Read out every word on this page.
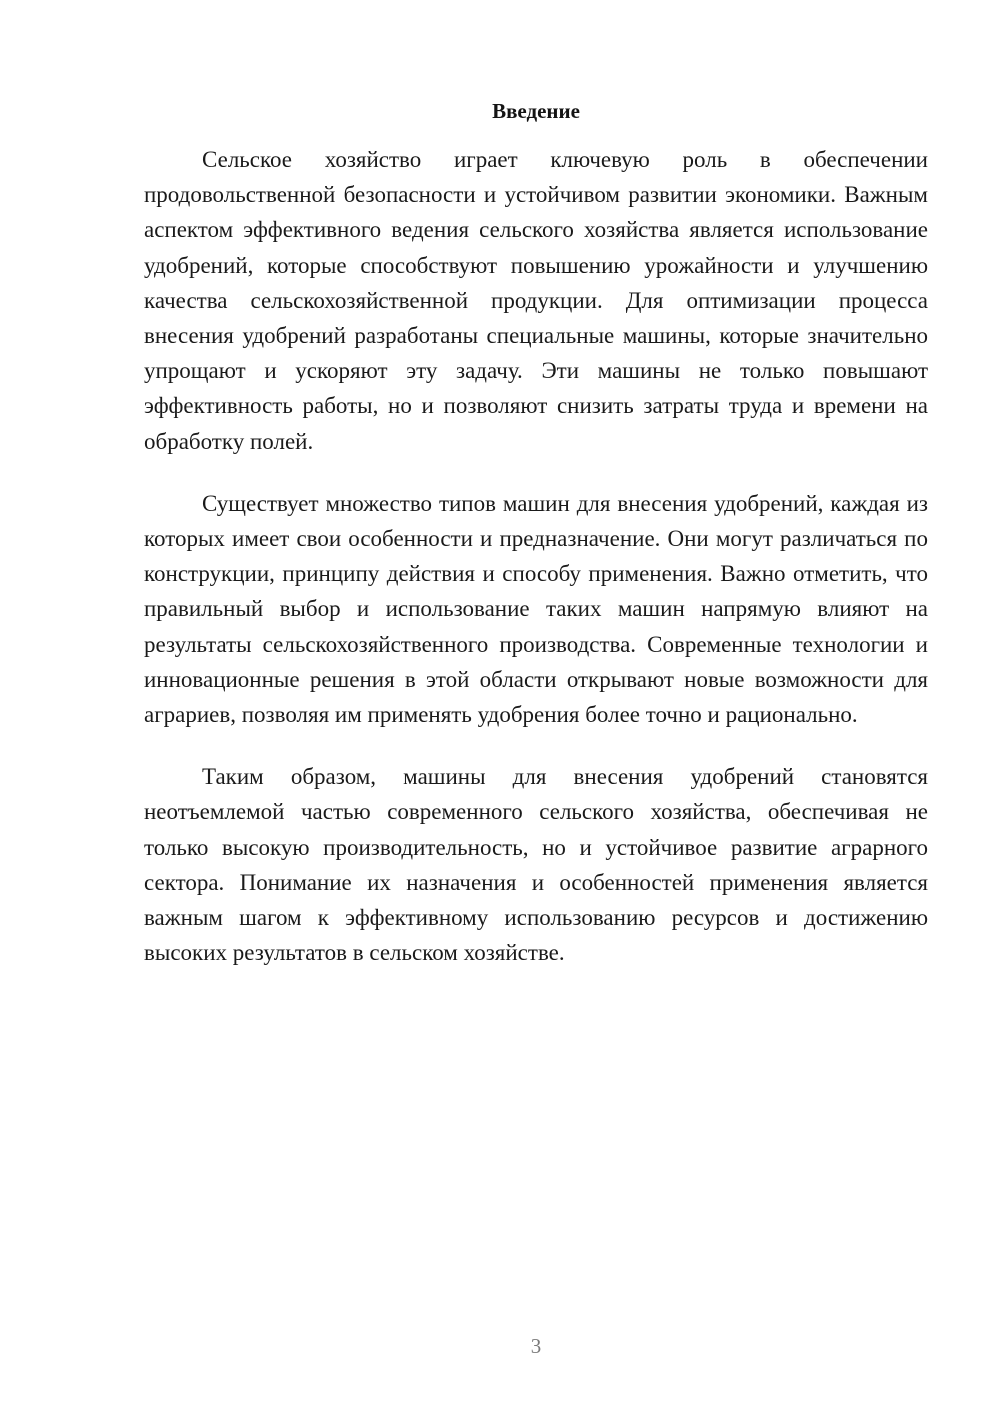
Введение

Сельское хозяйство играет ключевую роль в обеспечении продовольственной безопасности и устойчивом развитии экономики. Важным аспектом эффективного ведения сельского хозяйства является использование удобрений, которые способствуют повышению урожайности и улучшению качества сельскохозяйственной продукции. Для оптимизации процесса внесения удобрений разработаны специальные машины, которые значительно упрощают и ускоряют эту задачу. Эти машины не только повышают эффективность работы, но и позволяют снизить затраты труда и времени на обработку полей.

Существует множество типов машин для внесения удобрений, каждая из которых имеет свои особенности и предназначение. Они могут различаться по конструкции, принципу действия и способу применения. Важно отметить, что правильный выбор и использование таких машин напрямую влияют на результаты сельскохозяйственного производства. Современные технологии и инновационные решения в этой области открывают новые возможности для аграриев, позволяя им применять удобрения более точно и рационально.

Таким образом, машины для внесения удобрений становятся неотъемлемой частью современного сельского хозяйства, обеспечивая не только высокую производительность, но и устойчивое развитие аграрного сектора. Понимание их назначения и особенностей применения является важным шагом к эффективному использованию ресурсов и достижению высоких результатов в сельском хозяйстве.

3
